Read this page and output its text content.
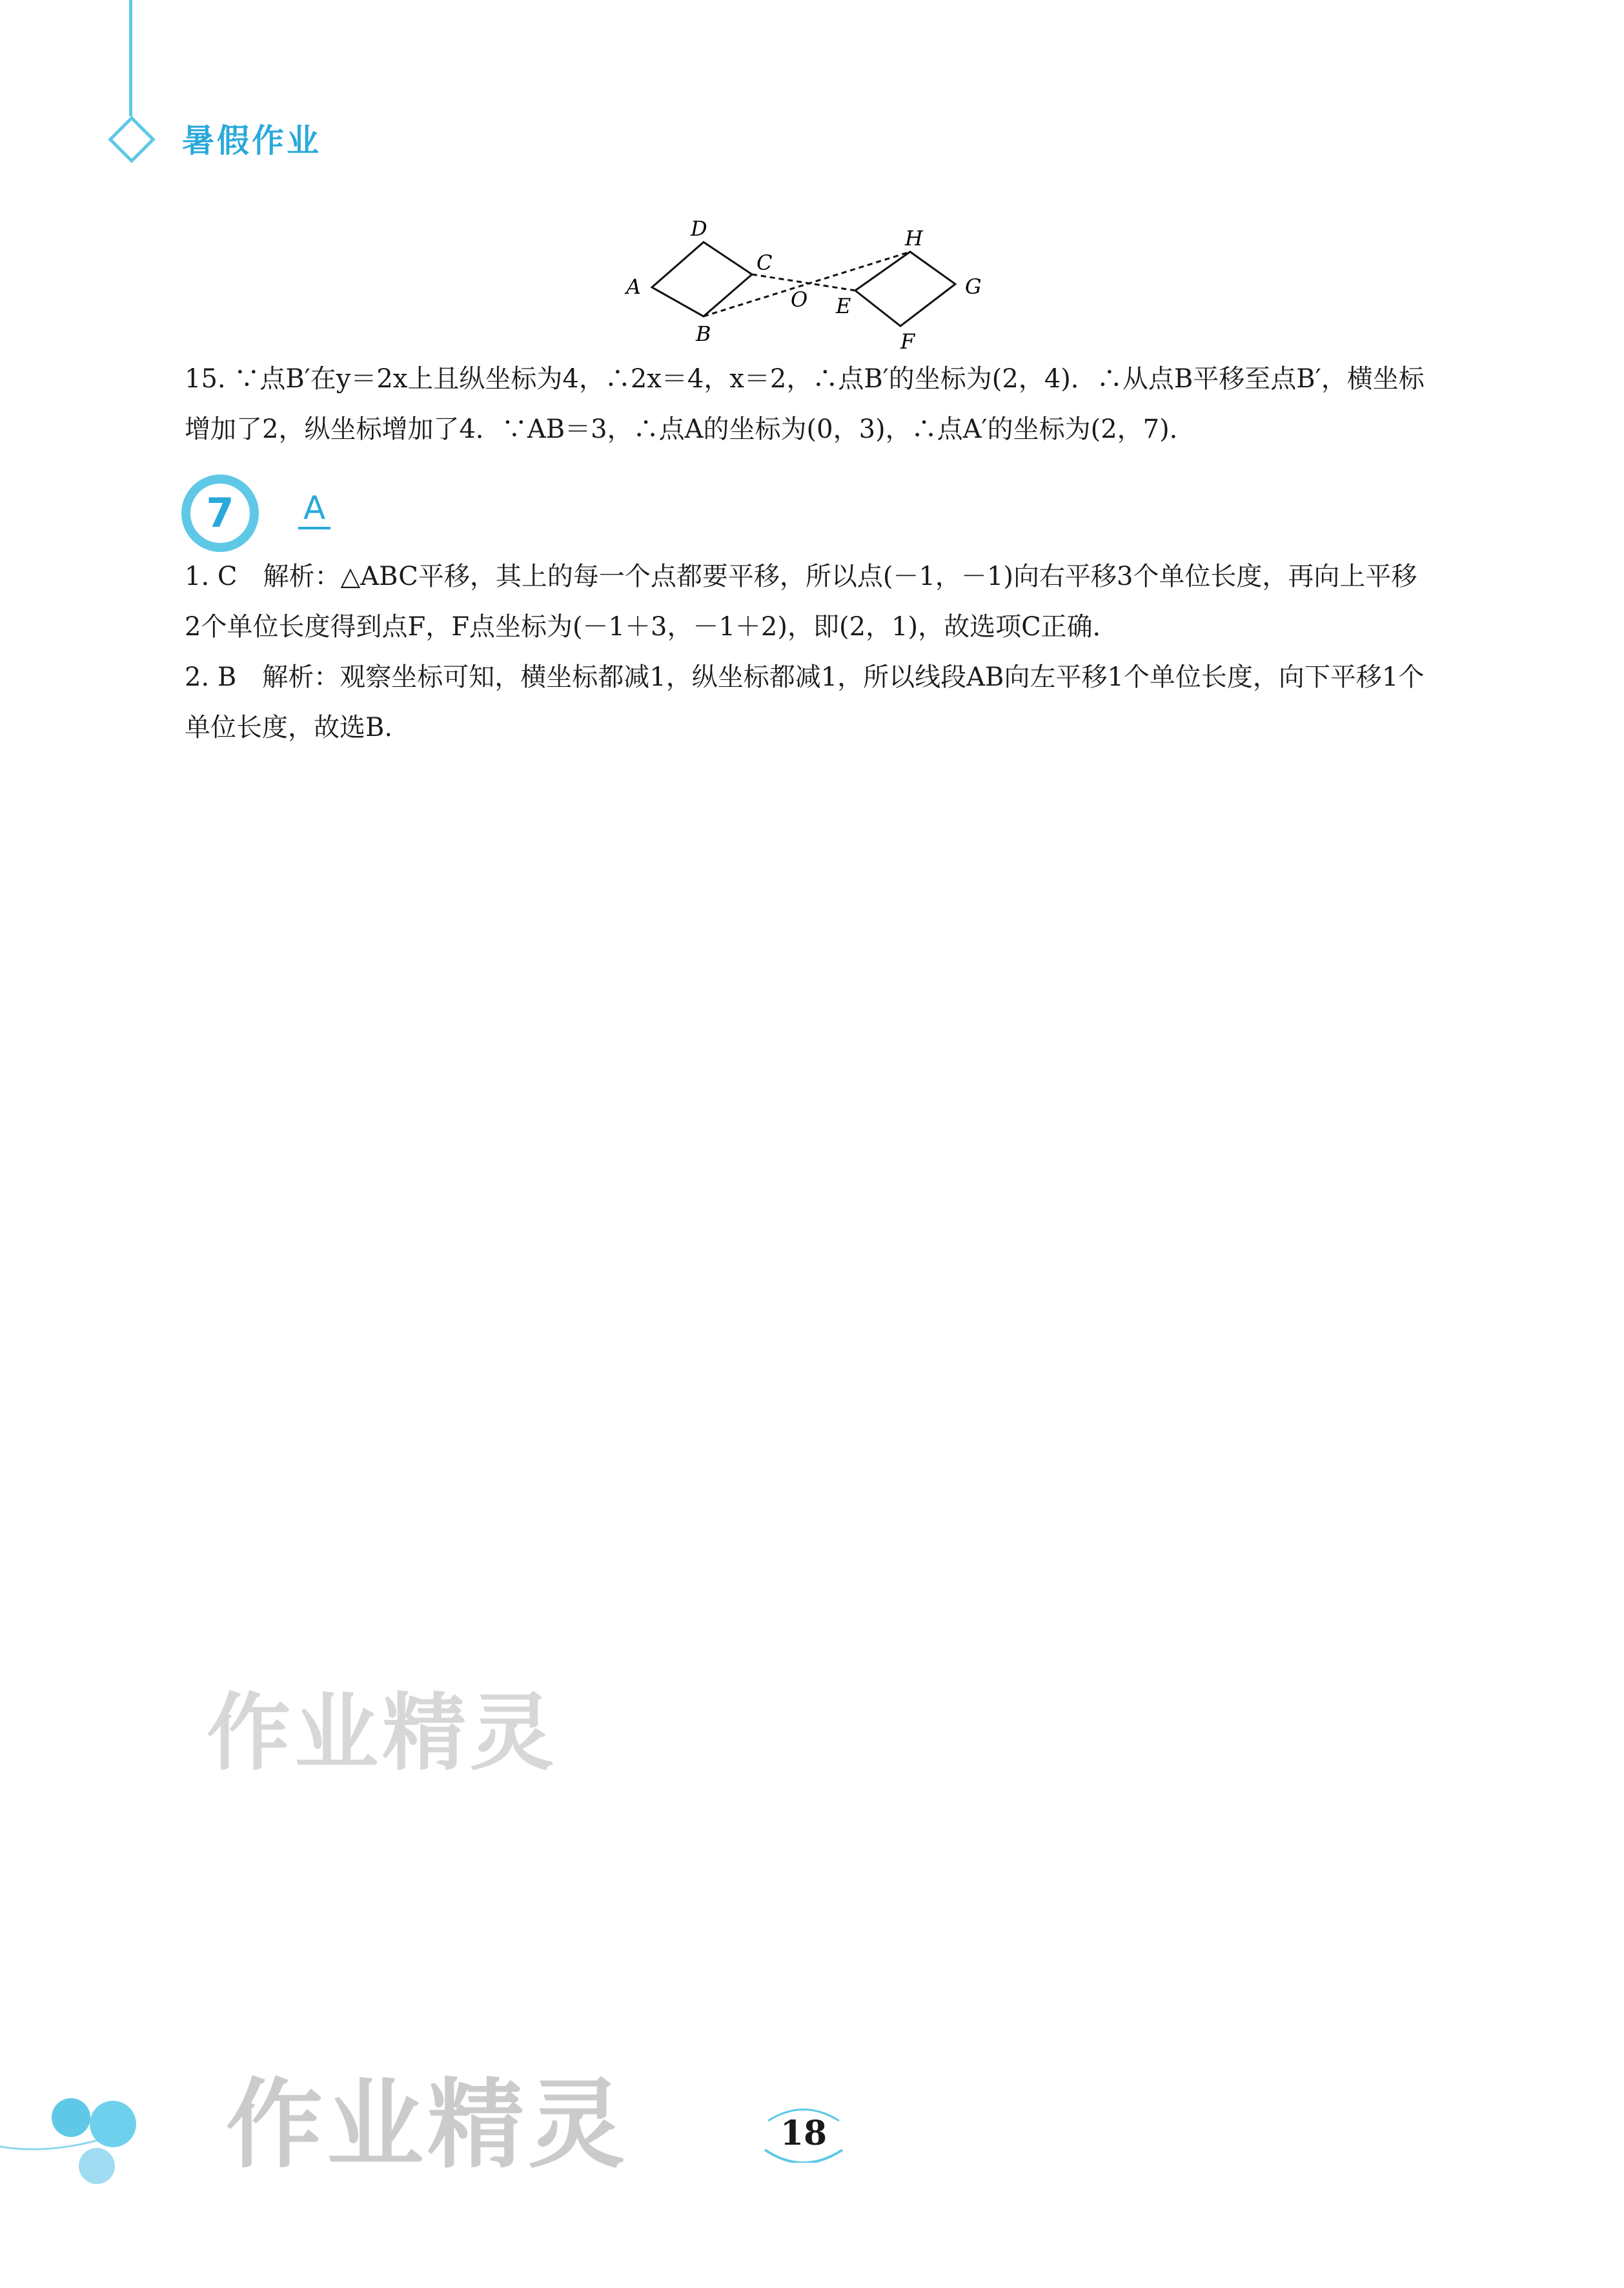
暑假作业
D
C
A
B
O E
H
G
F

15. ∵点B′在y＝2x上且纵坐标为4，∴2x＝4，x＝2，∴点B′的坐标为(2，4)．∴从点B平移至点B′，横坐标增加了2，纵坐标增加了4．∵AB＝3，∴点A的坐标为(0，3)，∴点A′的坐标为(2，7)．

1. C　解析：△ABC平移，其上的每一个点都要平移，所以点(－1，－1)向右平移3个单位长度，再向上平移2个单位长度得到点F，F点坐标为(－1＋3，－1＋2)，即(2，1)，故选项C正确．

2. B　解析：观察坐标可知，横坐标都减1，纵坐标都减1，所以线段AB向左平移1个单位长度，向下平移1个单位长度，故选B.

7 A
作业精灵
作业精灵	18
